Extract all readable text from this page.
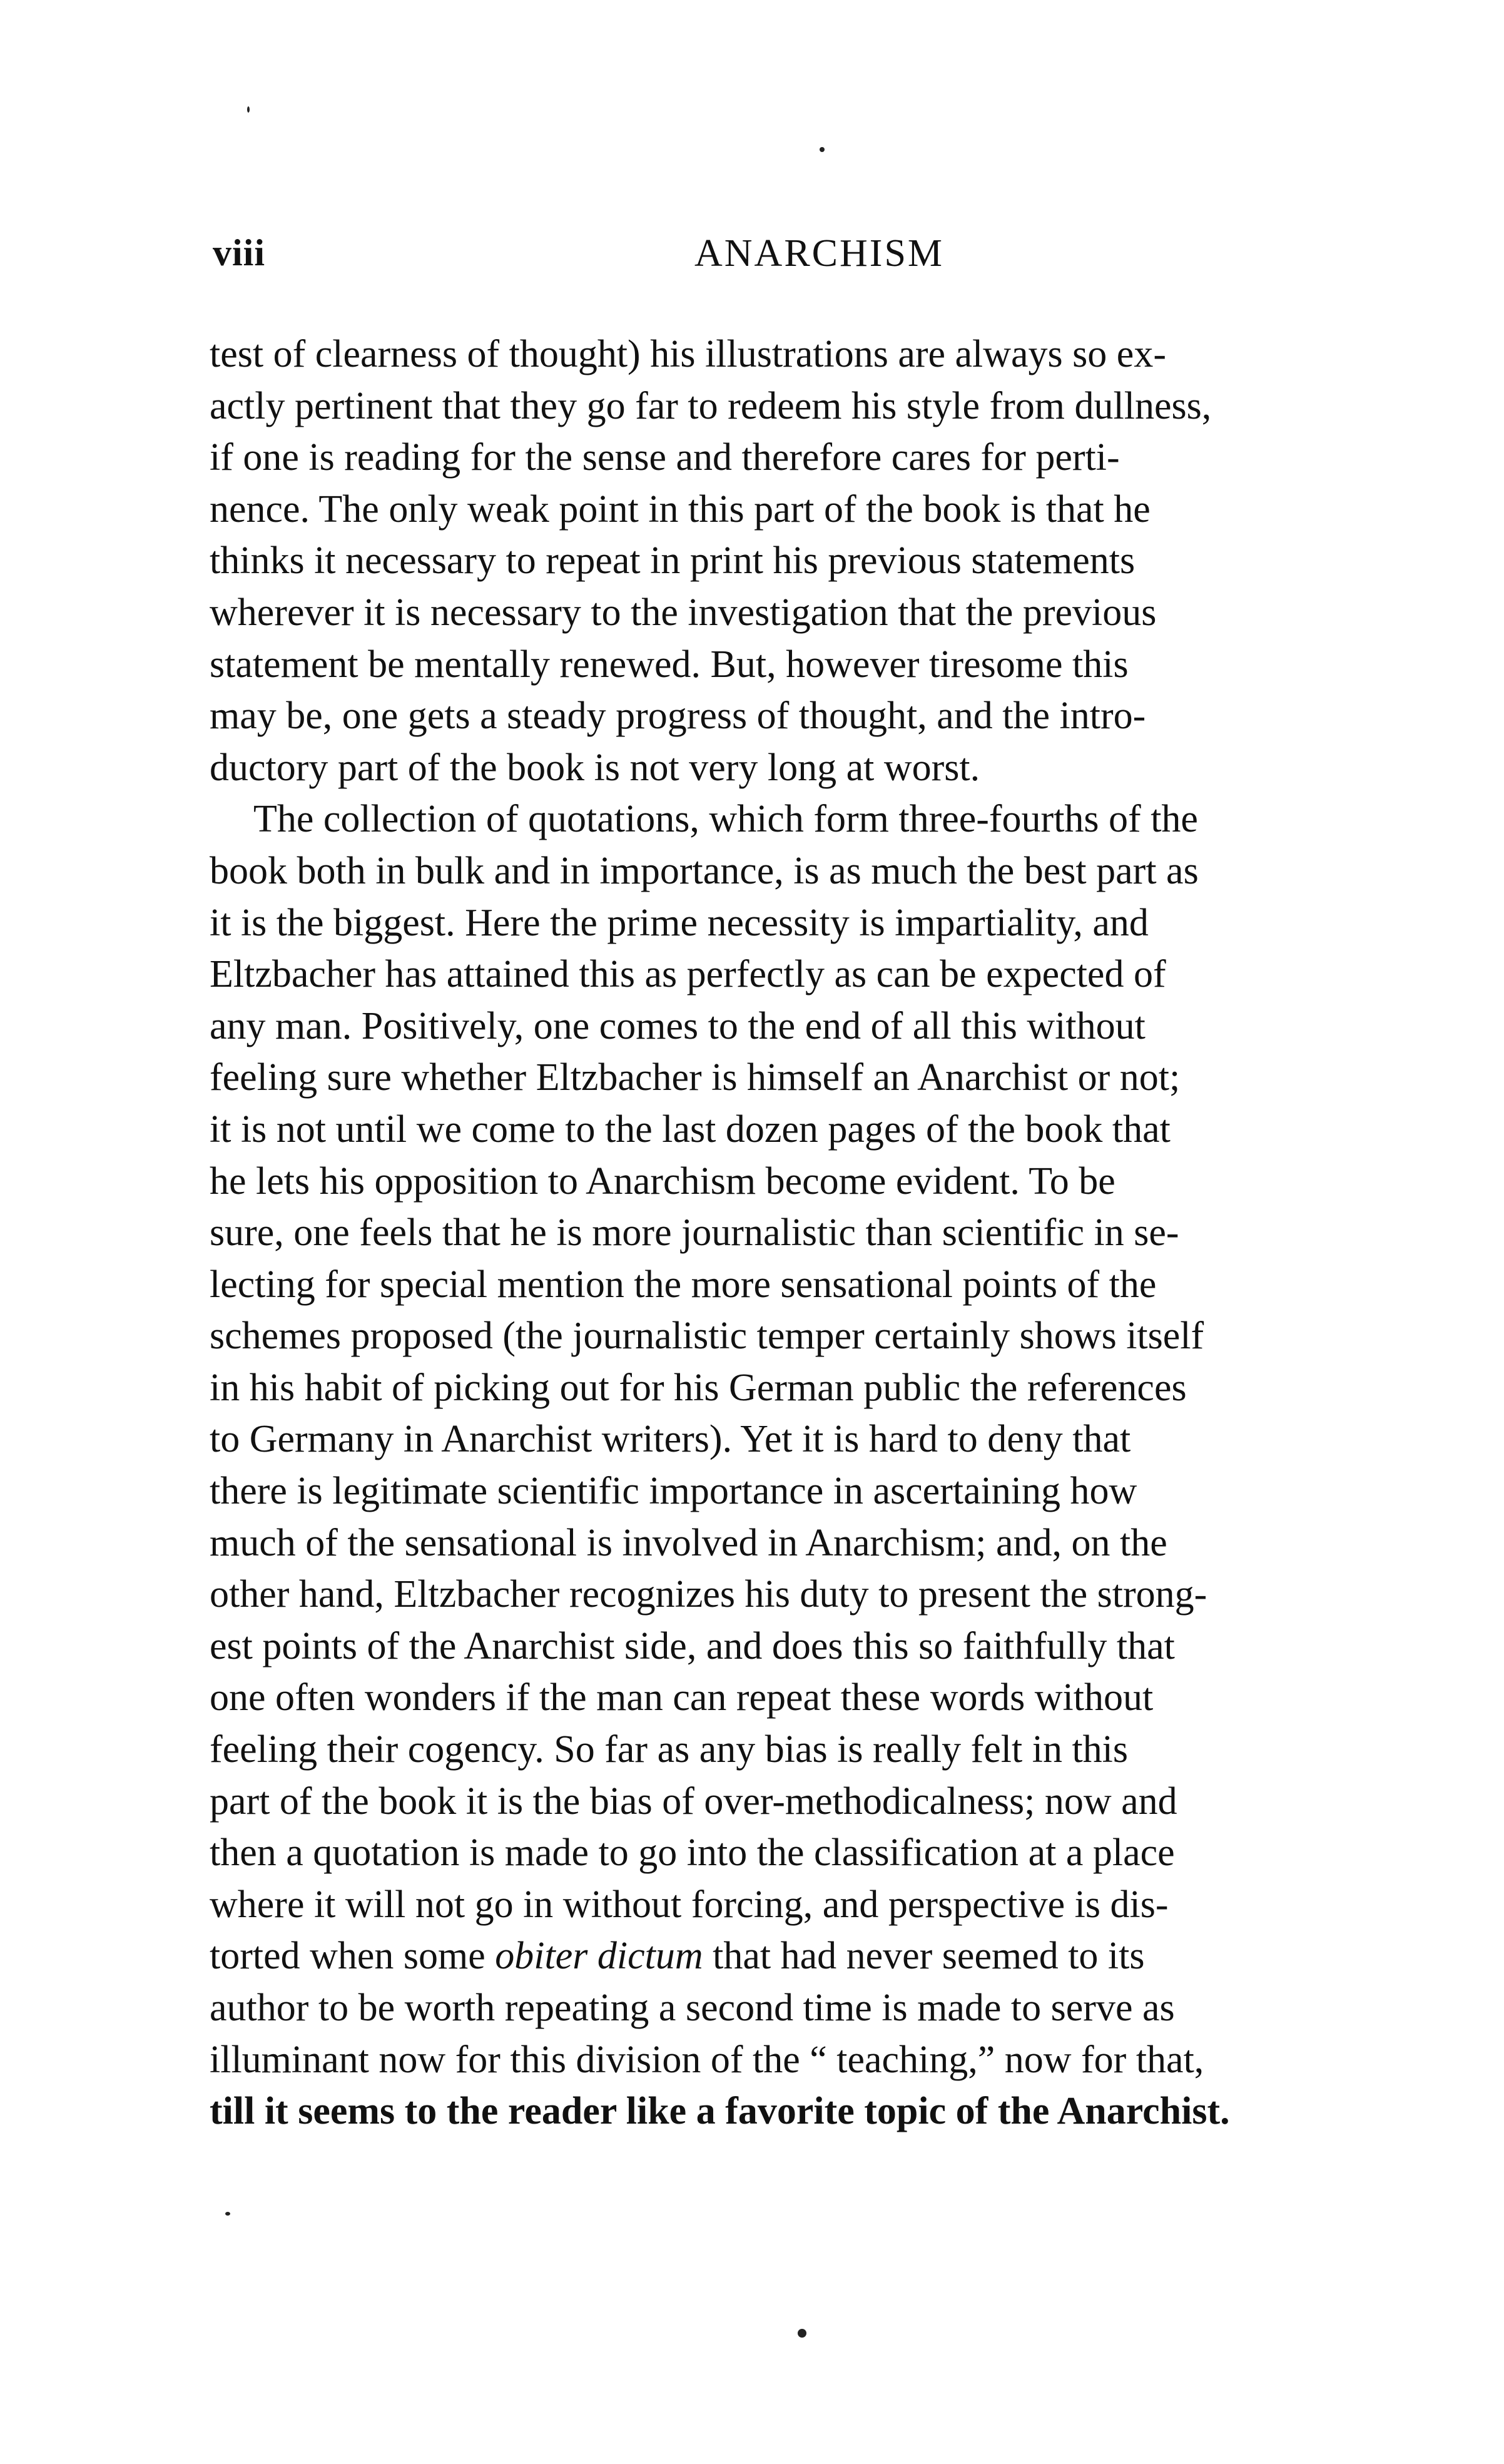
viii	ANARCHISM
test of clearness of thought) his illustrations are always so ex-
actly pertinent that they go far to redeem his style from dullness,
if one is reading for the sense and therefore cares for perti-
nence. The only weak point in this part of the book is that he
thinks it necessary to repeat in print his previous statements
wherever it is necessary to the investigation that the previous
statement be mentally renewed. But, however tiresome this
may be, one gets a steady progress of thought, and the intro-
ductory part of the book is not very long at worst.
The collection of quotations, which form three-fourths of the
book both in bulk and in importance, is as much the best part as
it is the biggest. Here the prime necessity is impartiality, and
Eltzbacher has attained this as perfectly as can be expected of
any man. Positively, one comes to the end of all this without
feeling sure whether Eltzbacher is himself an Anarchist or not;
it is not until we come to the last dozen pages of the book that
he lets his opposition to Anarchism become evident. To be
sure, one feels that he is more journalistic than scientific in se-
lecting for special mention the more sensational points of the
schemes proposed (the journalistic temper certainly shows itself
in his habit of picking out for his German public the references
to Germany in Anarchist writers). Yet it is hard to deny that
there is legitimate scientific importance in ascertaining how
much of the sensational is involved in Anarchism; and, on the
other hand, Eltzbacher recognizes his duty to present the strong-
est points of the Anarchist side, and does this so faithfully that
one often wonders if the man can repeat these words without
feeling their cogency. So far as any bias is really felt in this
part of the book it is the bias of over-methodicalness; now and
then a quotation is made to go into the classification at a place
where it will not go in without forcing, and perspective is dis-
torted when some obiter dictum that had never seemed to its
author to be worth repeating a second time is made to serve as
illuminant now for this division of the “ teaching,” now for that,
till it seems to the reader like a favorite topic of the Anarchist.
